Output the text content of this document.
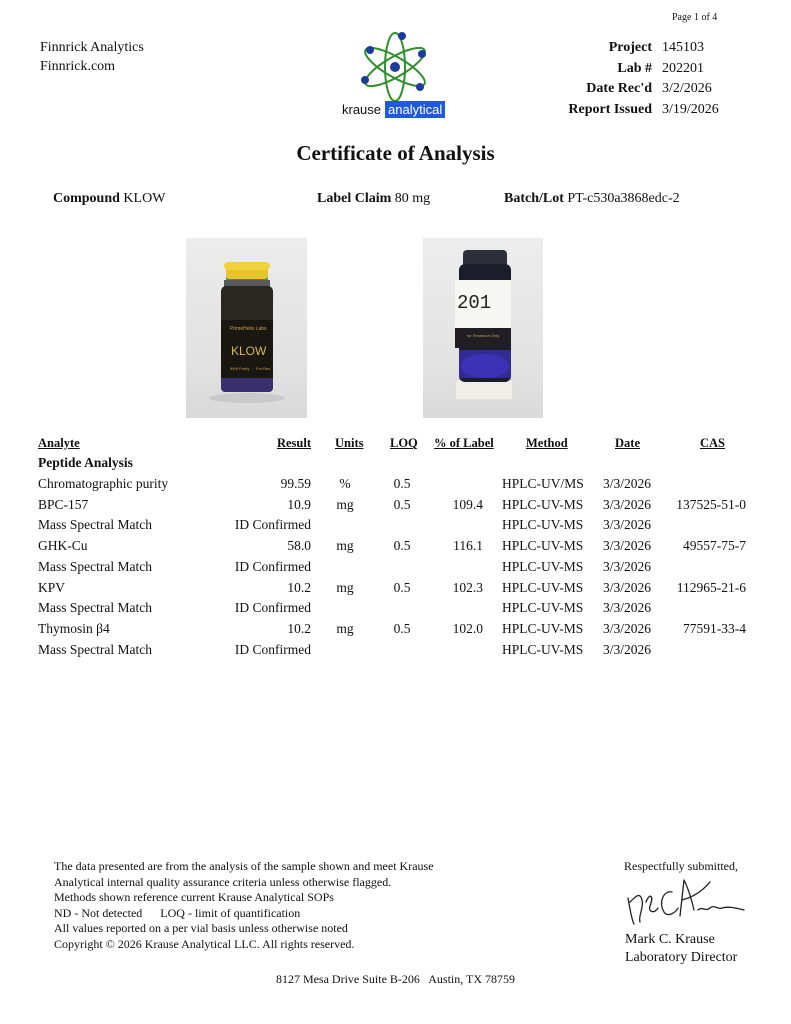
Page 1 of 4
Finnrick Analytics
Finnrick.com
krause analytical
Project 145103
Lab # 202201
Date Rec'd 3/2/2026
Report Issued 3/19/2026
Certificate of Analysis
Compound KLOW	Label Claim 80 mg	Batch/Lot PT-c530a3868edc-2
PrimeHelix Labs
KLOW
99% Purity For Res
201
for Research Only
Analyte	Result Units LOQ % of Label	Method	Date	CAS
Peptide Analysis
Chromatographic purity	99.59	%	0.5	HPLC-UV/MS 3/3/2026
BPC-157	10.9	mg	0.5	109.4 HPLC-UV-MS 3/3/2026	137525-51-0
Mass Spectral Match	ID Confirmed	HPLC-UV-MS 3/3/2026
GHK-Cu	58.0	mg	0.5	116.1 HPLC-UV-MS 3/3/2026	49557-75-7
Mass Spectral Match	ID Confirmed	HPLC-UV-MS 3/3/2026
KPV	10.2	mg	0.5	102.3 HPLC-UV-MS 3/3/2026	112965-21-6
Mass Spectral Match	ID Confirmed	HPLC-UV-MS 3/3/2026
Thymosin β4	10.2	mg	0.5	102.0 HPLC-UV-MS 3/3/2026	77591-33-4
Mass Spectral Match	ID Confirmed	HPLC-UV-MS 3/3/2026
The data presented are from the analysis of the sample shown and meet Krause
Analytical internal quality assurance criteria unless otherwise flagged.
Methods shown reference current Krause Analytical SOPs
ND - Not detected      LOQ - limit of quantification
All values reported on a per vial basis unless otherwise noted
Copyright © 2026 Krause Analytical LLC. All rights reserved.
Respectfully submitted,
Mark C. Krause
Laboratory Director
8127 Mesa Drive Suite B-206   Austin, TX 78759
